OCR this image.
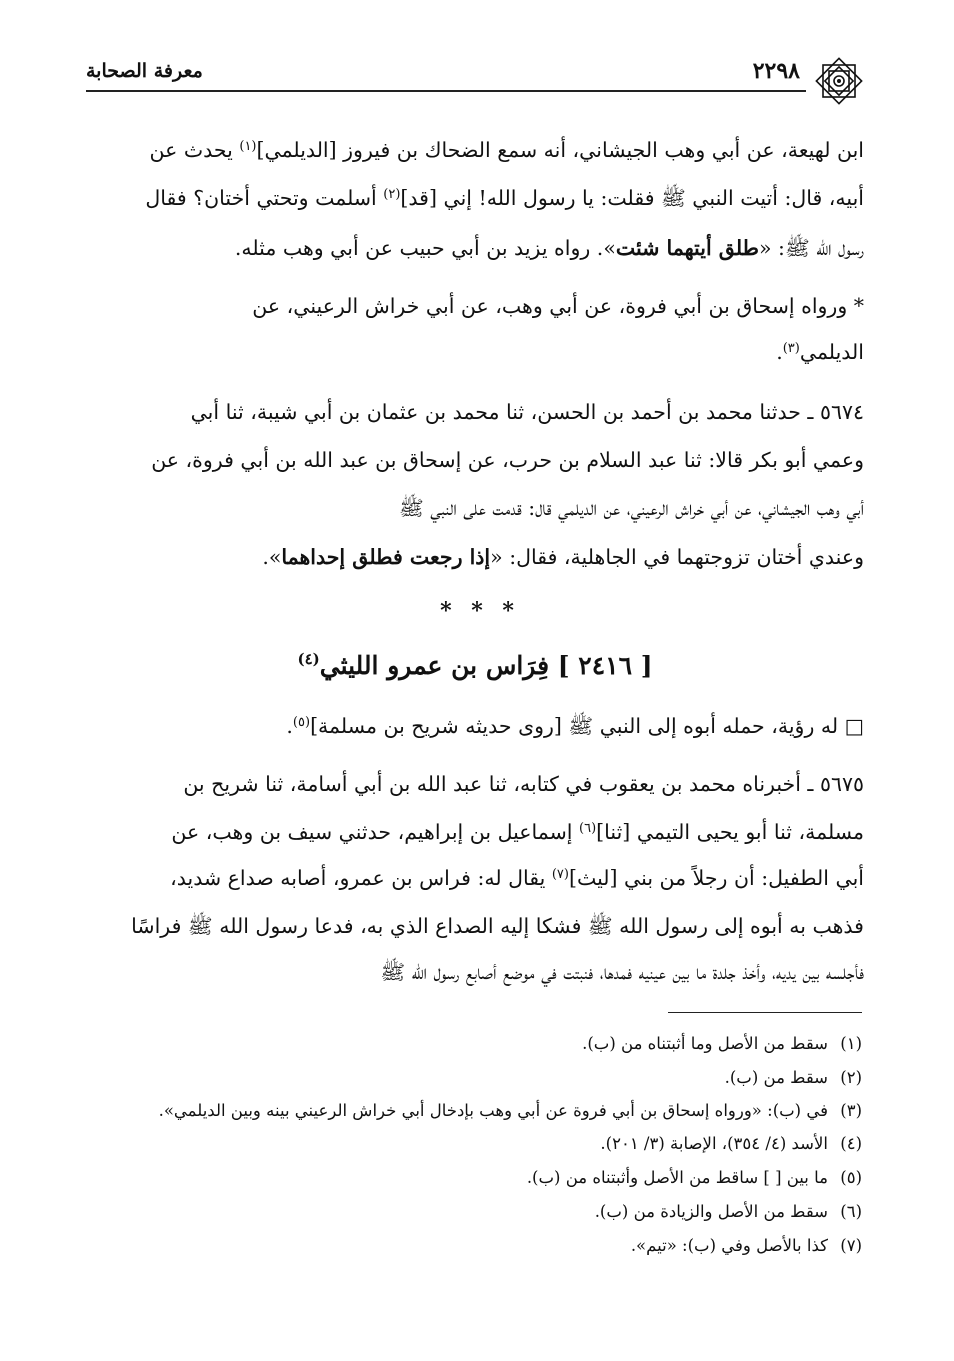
معرفة الصحابة	٢٢٩٨
ابن لهيعة، عن أبي وهب الجيشاني، أنه سمع الضحاك بن فيروز [الديلمي]$^{(١)}$ يحدث عن
أبيه، قال: أتيت النبي ﷺ فقلت: يا رسول الله! إني [قد]$^{(٢)}$ أسلمت وتحتي أختان؟ فقال
رسول الله ﷺ: «طلق أيتهما شئت». رواه يزيد بن أبي حبيب عن أبي وهب مثله.
* ورواه إسحاق بن أبي فروة، عن أبي وهب، عن أبي خراش الرعيني، عن
الديلمي$^{(٣)}$.
٥٦٧٤ ـ حدثنا محمد بن أحمد بن الحسن، ثنا محمد بن عثمان بن أبي شيبة، ثنا أبي
وعمي أبو بكر قالا: ثنا عبد السلام بن حرب، عن إسحاق بن عبد الله بن أبي فروة، عن
أبي وهب الجيشاني، عن أبي خراش الرعيني، عن الديلمي قال: قدمت على النبي ﷺ
وعندي أختان تزوجتهما في الجاهلية، فقال: «إذا رجعت فطلق إحداهما».
* * *
[ ٢٤١٦ ] فِرَاس بن عمرو الليثي$^{(٤)}$
□ له رؤية، حمله أبوه إلى النبي ﷺ [روى حديثه شريح بن مسلمة]$^{(٥)}$.
٥٦٧٥ ـ أخبرناه محمد بن يعقوب في كتابه، ثنا عبد الله بن أبي أسامة، ثنا شريح بن
مسلمة، ثنا أبو يحيى التيمي [ثنا]$^{(٦)}$ إسماعيل بن إبراهيم، حدثني سيف بن وهب، عن
أبي الطفيل: أن رجلاً من بني [ليث]$^{(٧)}$ يقال له: فراس بن عمرو، أصابه صداع شديد،
فذهب به أبوه إلى رسول الله ﷺ فشكا إليه الصداع الذي به، فدعا رسول الله ﷺ فراسًا
فأجلسه بين يديه، وأخذ جلدة ما بين عينيه فمدها، فنبتت في موضع أصابع رسول الله ﷺ
(١)سقط من الأصل وما أثبتناه من (ب).
(٢)سقط من (ب).
(٣)في (ب): «ورواه إسحاق بن أبي فروة عن أبي وهب بإدخال أبي خراش الرعيني بينه وبين الديلمي».
(٤)الأسد (٤/ ٣٥٤)، الإصابة (٣/ ٢٠١).
(٥)ما بين [ ] ساقط من الأصل وأثبتناه من (ب).
(٦)سقط من الأصل والزيادة من (ب).
(٧)كذا بالأصل وفي (ب): «تيم».
